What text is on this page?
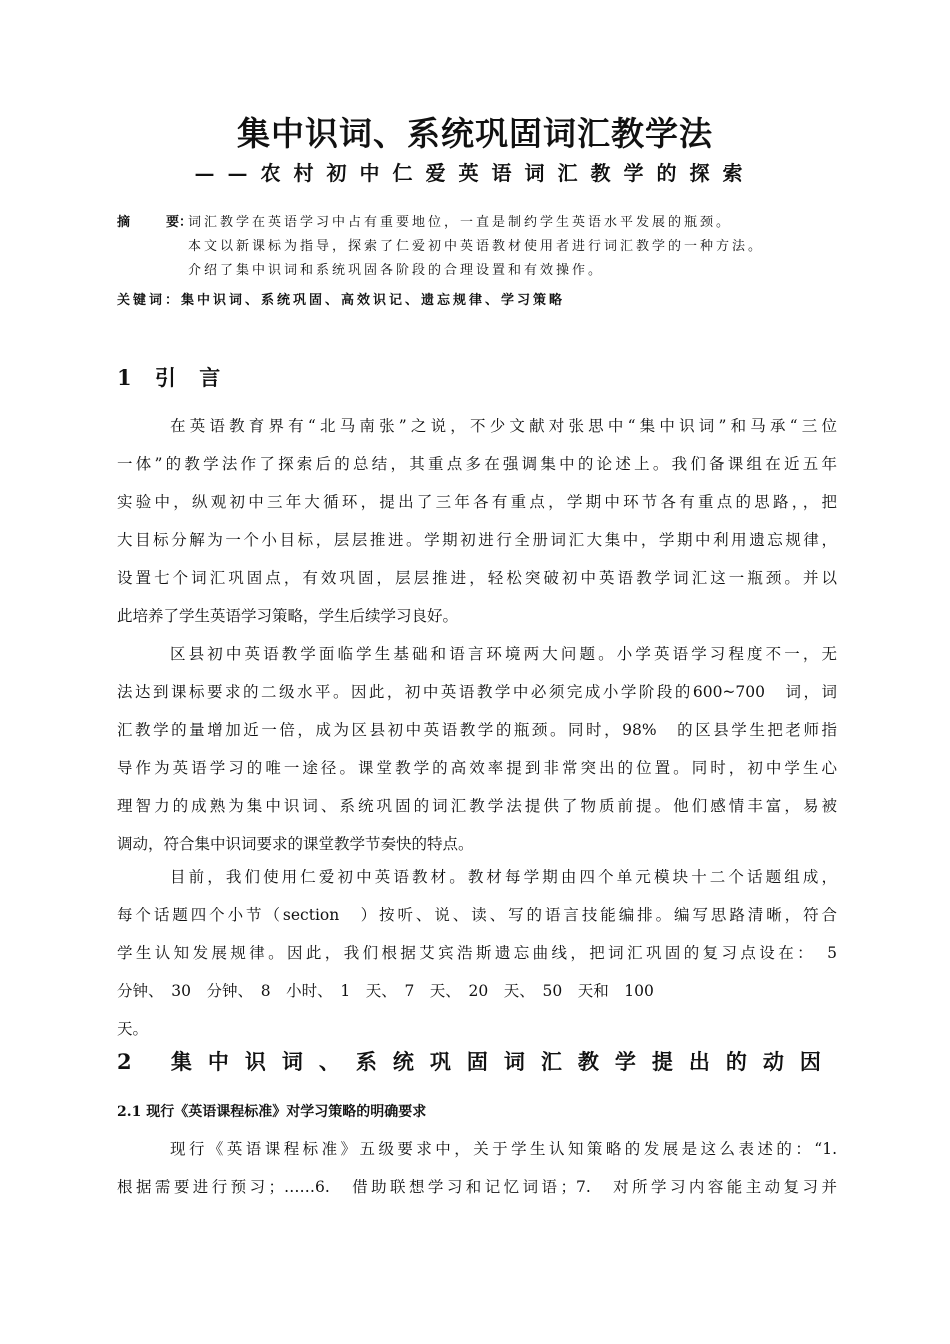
集中识词、系统巩固词汇教学法
——农村初中仁爱英语词汇教学的探索
摘	要：
词汇教学在英语学习中占有重要地位，一直是制约学生英语水平发展的瓶颈。
本文以新课标为指导，探索了仁爱初中英语教材使用者进行词汇教学的一种方法。
介绍了集中识词和系统巩固各阶段的合理设置和有效操作。
关键词：集中识词、系统巩固、高效识记、遗忘规律、学习策略
1 引 言
在英语教育界有“北马南张”之说，不少文献对张思中“集中识词”和马承“三位
一体”的教学法作了探索后的总结，其重点多在强调集中的论述上。我们备课组在近五年
实验中，纵观初中三年大循环，提出了三年各有重点，学期中环节各有重点的思路，，把
大目标分解为一个小目标，层层推进。学期初进行全册词汇大集中，学期中利用遗忘规律，
设置七个词汇巩固点，有效巩固，层层推进，轻松突破初中英语教学词汇这一瓶颈。并以
此培养了学生英语学习策略，学生后续学习良好。
区县初中英语教学面临学生基础和语言环境两大问题。小学英语学习程度不一，无
法达到课标要求的二级水平。因此，初中英语教学中必须完成小学阶段的600~700　词，词
汇教学的量增加近一倍，成为区县初中英语教学的瓶颈。同时，98%　的区县学生把老师指
导作为英语学习的唯一途径。课堂教学的高效率提到非常突出的位置。同时，初中学生心
理智力的成熟为集中识词、系统巩固的词汇教学法提供了物质前提。他们感情丰富，易被
调动，符合集中识词要求的课堂教学节奏快的特点。
目前，我们使用仁爱初中英语教材。教材每学期由四个单元模块十二个话题组成，
每个话题四个小节（section　）按听、说、读、写的语言技能编排。编写思路清晰，符合
学生认知发展规律。因此，我们根据艾宾浩斯遗忘曲线，把词汇巩固的复习点设在：　5
分钟、　30　分钟、　8　小时、　1　天、　7　天、　20　天、　50　天和　100
天。
2 集中识词、系统巩固词汇教学提出的动因
2.1 现行《英语课程标准》对学习策略的明确要求
现行《英语课程标准》五级要求中，关于学生认知策略的发展是这么表述的：“1.
根据需要进行预习；……6.　借助联想学习和记忆词语；7.　对所学习内容能主动复习并
